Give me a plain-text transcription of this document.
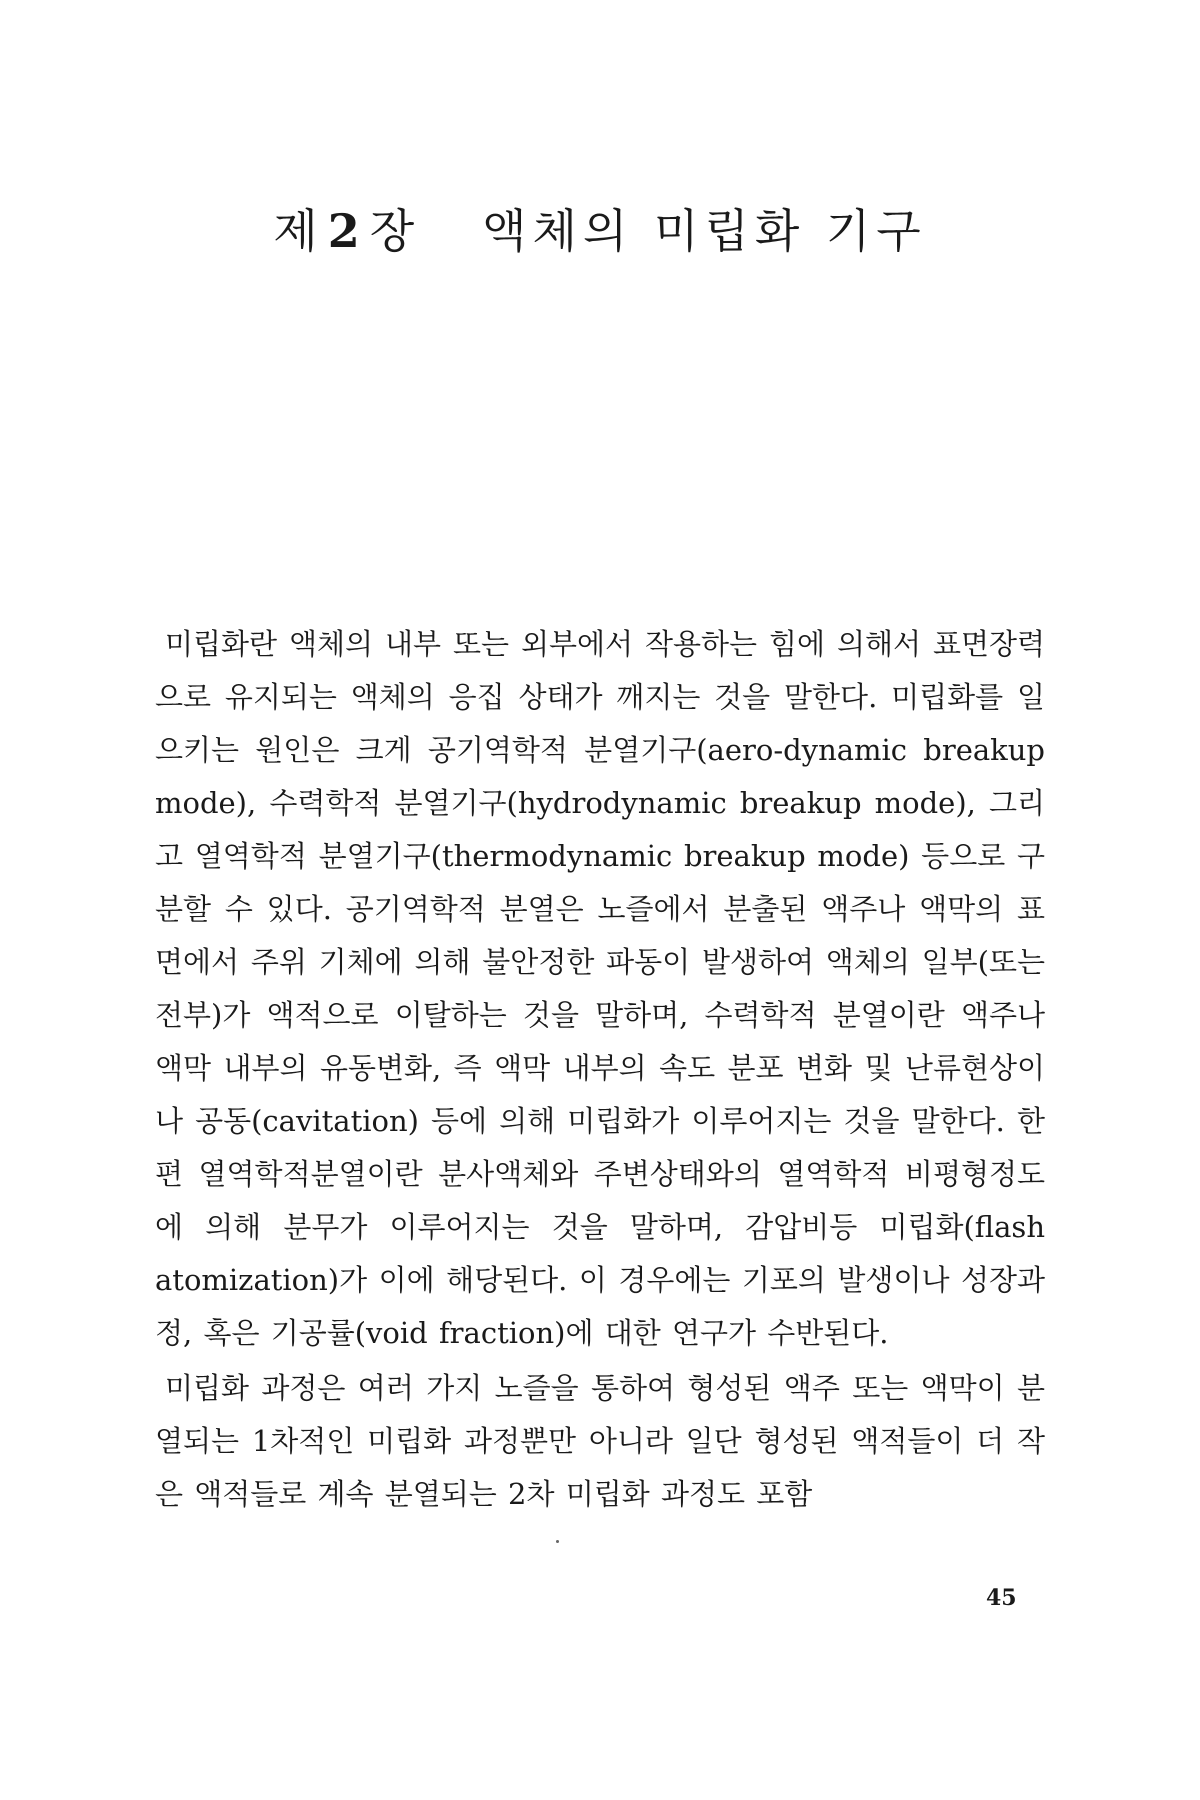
제2장 액체의 미립화 기구

미립화란 액체의 내부 또는 외부에서 작용하는 힘에 의해서 표면장력으로 유지되는 액체의 응집 상태가 깨지는 것을 말한다. 미립화를 일으키는 원인은 크게 공기역학적 분열기구(aero-dynamic breakup mode), 수력학적 분열기구(hydrodynamic breakup mode), 그리고 열역학적 분열기구(thermodynamic breakup mode) 등으로 구분할 수 있다. 공기역학적 분열은 노즐에서 분출된 액주나 액막의 표면에서 주위 기체에 의해 불안정한 파동이 발생하여 액체의 일부(또는 전부)가 액적으로 이탈하는 것을 말하며, 수력학적 분열이란 액주나 액막 내부의 유동변화, 즉 액막 내부의 속도 분포 변화 및 난류현상이나 공동(cavitation) 등에 의해 미립화가 이루어지는 것을 말한다. 한편 열역학적분열이란 분사액체와 주변상태와의 열역학적 비평형정도에 의해 분무가 이루어지는 것을 말하며, 감압비등 미립화(flash atomization)가 이에 해당된다. 이 경우에는 기포의 발생이나 성장과정, 혹은 기공률(void fraction)에 대한 연구가 수반된다.

미립화 과정은 여러 가지 노즐을 통하여 형성된 액주 또는 액막이 분열되는 1차적인 미립화 과정뿐만 아니라 일단 형성된 액적들이 더 작은 액적들로 계속 분열되는 2차 미립화 과정도 포함

45
